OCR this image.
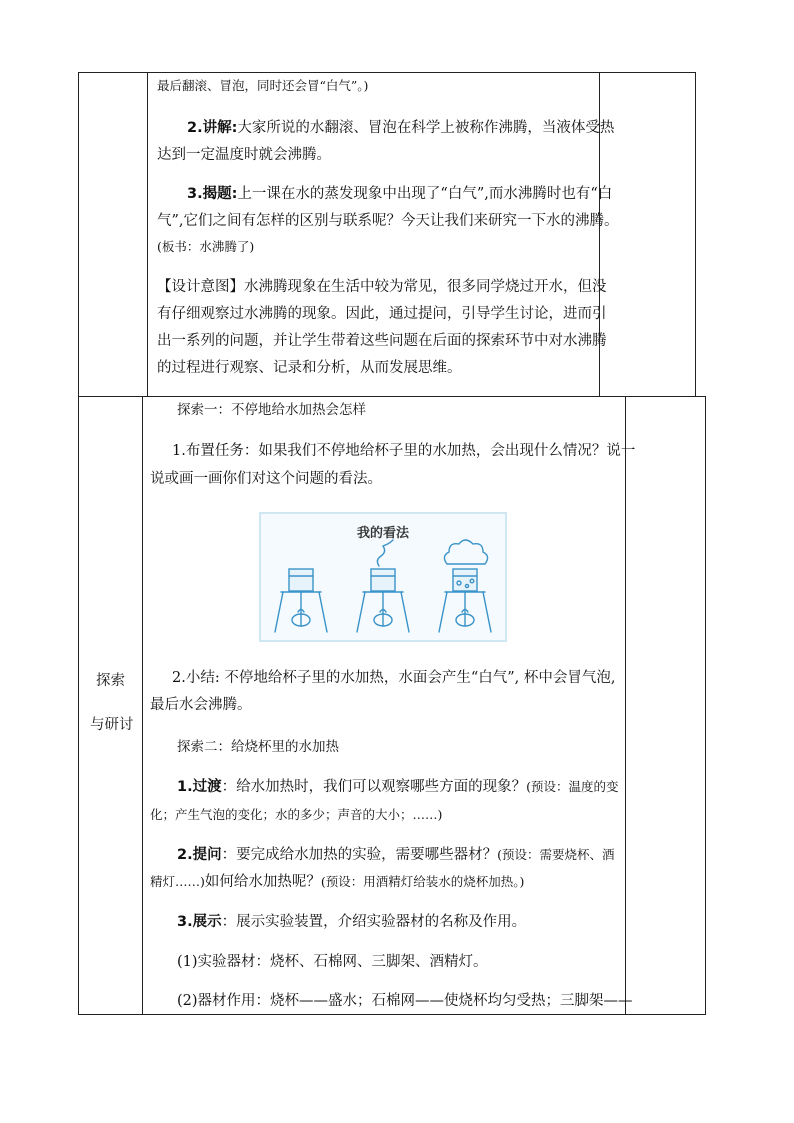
最后翻滚、冒泡，同时还会冒“白气”。)
2.讲解:大家所说的水翻滚、冒泡在科学上被称作沸腾，当液体受热
达到一定温度时就会沸腾。
3.揭题:上一课在水的蒸发现象中出现了“白气”,而水沸腾时也有“白
气”,它们之间有怎样的区别与联系呢？今天让我们来研究一下水的沸腾。
(板书：水沸腾了)
【设计意图】水沸腾现象在生活中较为常见，很多同学烧过开水，但没
有仔细观察过水沸腾的现象。因此，通过提问，引导学生讨论，进而引
出一系列的问题，并让学生带着这些问题在后面的探索环节中对水沸腾
的过程进行观察、记录和分析，从而发展思维。
探索
与研讨
探索一：不停地给水加热会怎样
1.布置任务：如果我们不停地给杯子里的水加热，会出现什么情况？说一
说或画一画你们对这个问题的看法。
我的看法
2.小结: 不停地给杯子里的水加热，水面会产生“白气”, 杯中会冒气泡,
最后水会沸腾。
探索二：给烧杯里的水加热
1.过渡：给水加热时，我们可以观察哪些方面的现象？(预设：温度的变
化；产生气泡的变化；水的多少；声音的大小；……)
2.提问：要完成给水加热的实验，需要哪些器材？(预设：需要烧杯、酒
精灯……)如何给水加热呢？(预设：用酒精灯给装水的烧杯加热。)
3.展示：展示实验装置，介绍实验器材的名称及作用。
(1)实验器材：烧杯、石棉网、三脚架、酒精灯。
(2)器材作用：烧杯——盛水；石棉网——使烧杯均匀受热；三脚架——
